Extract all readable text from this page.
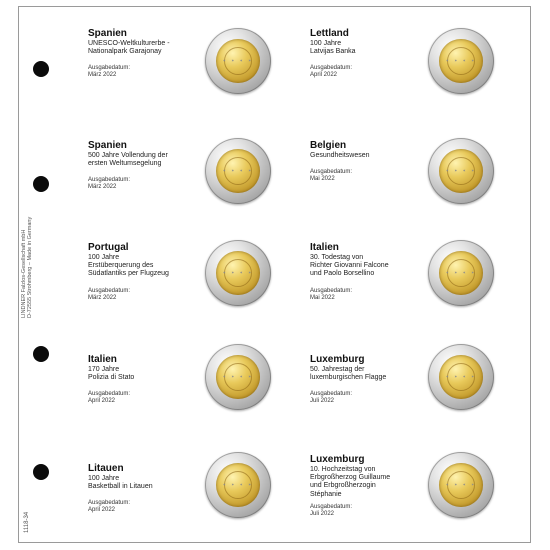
LINDNER Falzlos-Gesellschaft mbH D-72555 Strohmberg – Made in Germany
1118-34
Spanien
UNESCO-Weltkulturerbe -
Nationalpark Garajonay
Ausgabedatum:
März 2022
Spanien
500 Jahre Vollendung der
ersten Weltumsegelung
Ausgabedatum:
März 2022
Portugal
100 Jahre
Erstüberquerung des
Südatlantiks per Flugzeug
Ausgabedatum:
März 2022
Italien
170 Jahre
Polizia di Stato
Ausgabedatum:
April 2022
Litauen
100 Jahre
Basketball in Litauen
Ausgabedatum:
April 2022
Lettland
100 Jahre
Latvijas Banka
Ausgabedatum:
April 2022
Belgien
Gesundheitswesen
Ausgabedatum:
Mai 2022
Italien
30. Todestag von
Richter Giovanni Falcone
und Paolo Borsellino
Ausgabedatum:
Mai 2022
Luxemburg
50. Jahrestag der
luxemburgischen Flagge
Ausgabedatum:
Juli 2022
Luxemburg
10. Hochzeitstag von
Erbgroßherzog Guillaume
und Erbgroßherzogin
Stéphanie
Ausgabedatum:
Juli 2022
✶ ✶ ✶ ✶	✶ ✶ ✶ ✶
✶ ✶ ✶ ✶	✶ ✶ ✶ ✶
✶ ✶ ✶ ✶	✶ ✶ ✶ ✶
✶ ✶ ✶ ✶	✶ ✶ ✶ ✶
✶ ✶ ✶ ✶	✶ ✶ ✶ ✶
